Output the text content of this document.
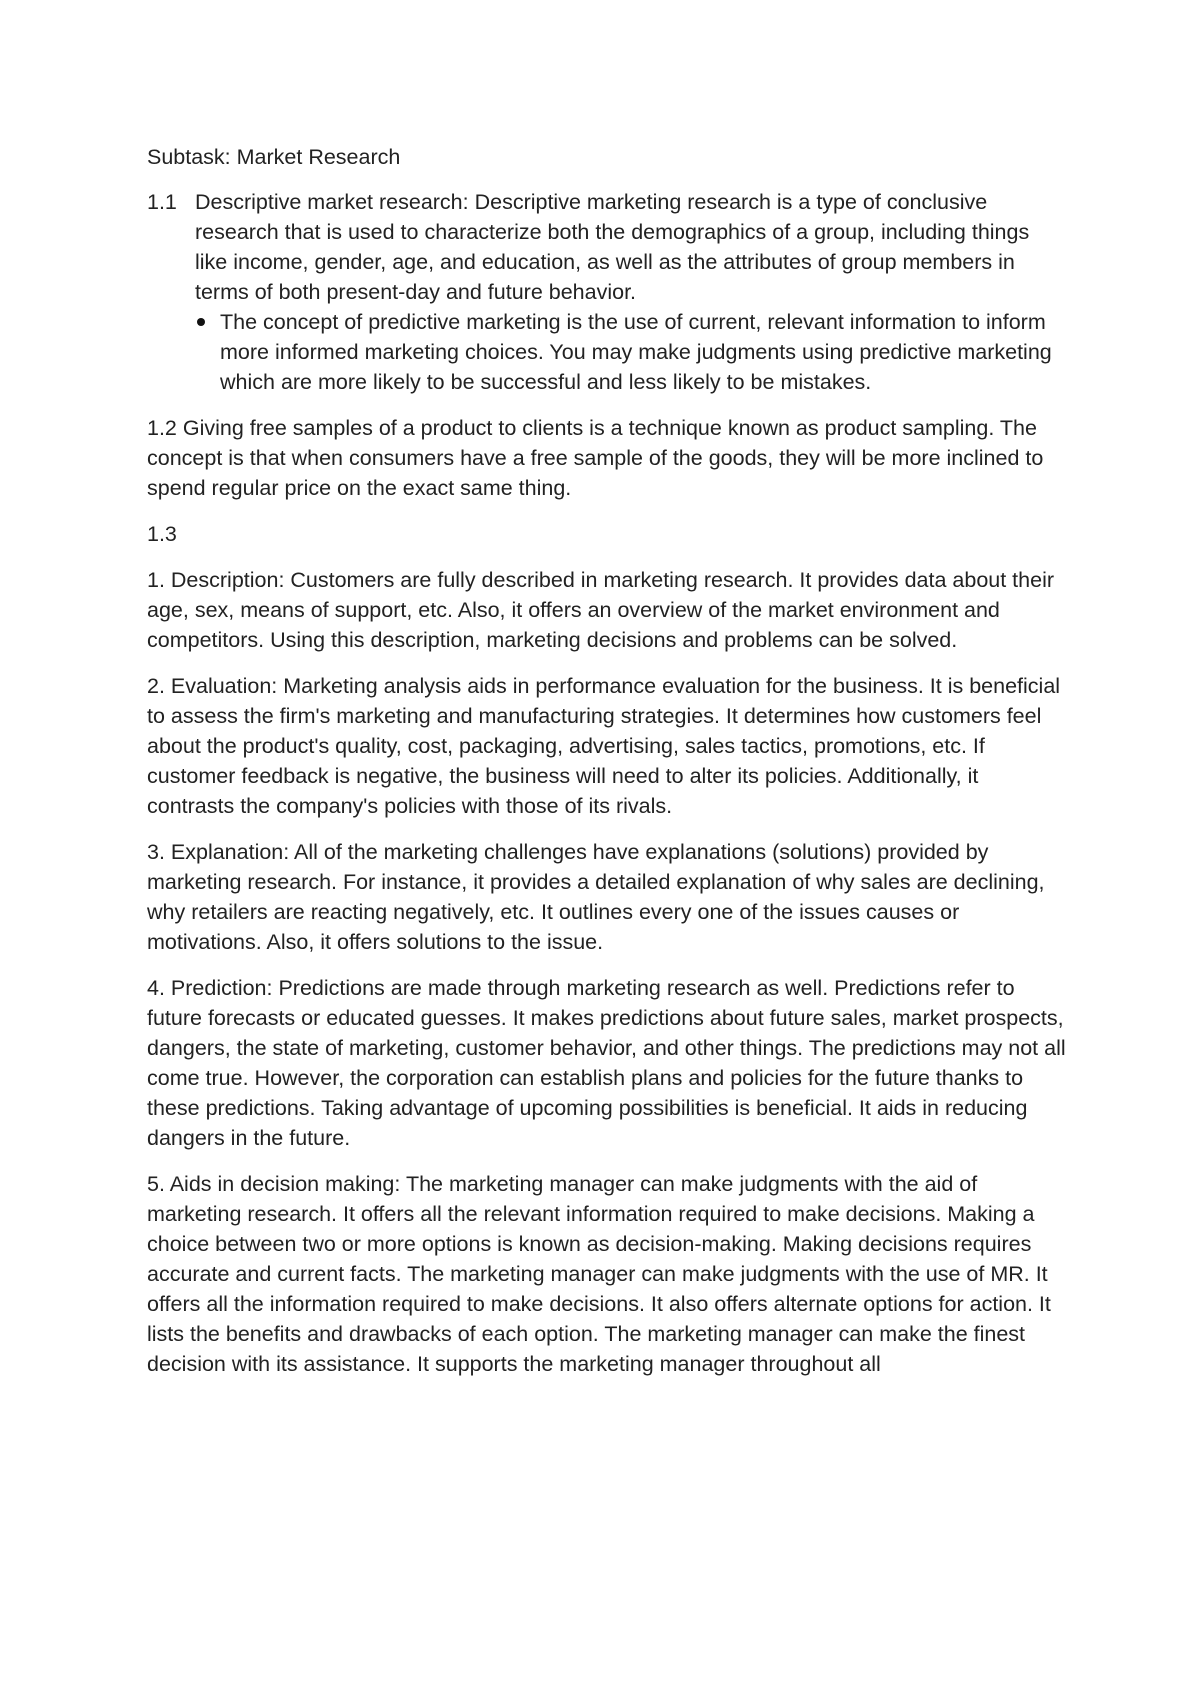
Subtask: Market Research
1.1 Descriptive market research: Descriptive marketing research is a type of conclusive research that is used to characterize both the demographics of a group, including things like income, gender, age, and education, as well as the attributes of group members in terms of both present-day and future behavior.
The concept of predictive marketing is the use of current, relevant information to inform more informed marketing choices. You may make judgments using predictive marketing which are more likely to be successful and less likely to be mistakes.
1.2 Giving free samples of a product to clients is a technique known as product sampling. The concept is that when consumers have a free sample of the goods, they will be more inclined to spend regular price on the exact same thing.
1.3
1. Description: Customers are fully described in marketing research. It provides data about their age, sex, means of support, etc. Also, it offers an overview of the market environment and competitors. Using this description, marketing decisions and problems can be solved.
2. Evaluation: Marketing analysis aids in performance evaluation for the business. It is beneficial to assess the firm's marketing and manufacturing strategies. It determines how customers feel about the product's quality, cost, packaging, advertising, sales tactics, promotions, etc. If customer feedback is negative, the business will need to alter its policies. Additionally, it contrasts the company's policies with those of its rivals.
3. Explanation: All of the marketing challenges have explanations (solutions) provided by marketing research. For instance, it provides a detailed explanation of why sales are declining, why retailers are reacting negatively, etc. It outlines every one of the issues causes or motivations. Also, it offers solutions to the issue.
4. Prediction: Predictions are made through marketing research as well. Predictions refer to future forecasts or educated guesses. It makes predictions about future sales, market prospects, dangers, the state of marketing, customer behavior, and other things. The predictions may not all come true. However, the corporation can establish plans and policies for the future thanks to these predictions. Taking advantage of upcoming possibilities is beneficial. It aids in reducing dangers in the future.
5. Aids in decision making: The marketing manager can make judgments with the aid of marketing research. It offers all the relevant information required to make decisions. Making a choice between two or more options is known as decision-making. Making decisions requires accurate and current facts. The marketing manager can make judgments with the use of MR. It offers all the information required to make decisions. It also offers alternate options for action. It lists the benefits and drawbacks of each option. The marketing manager can make the finest decision with its assistance. It supports the marketing manager throughout all
